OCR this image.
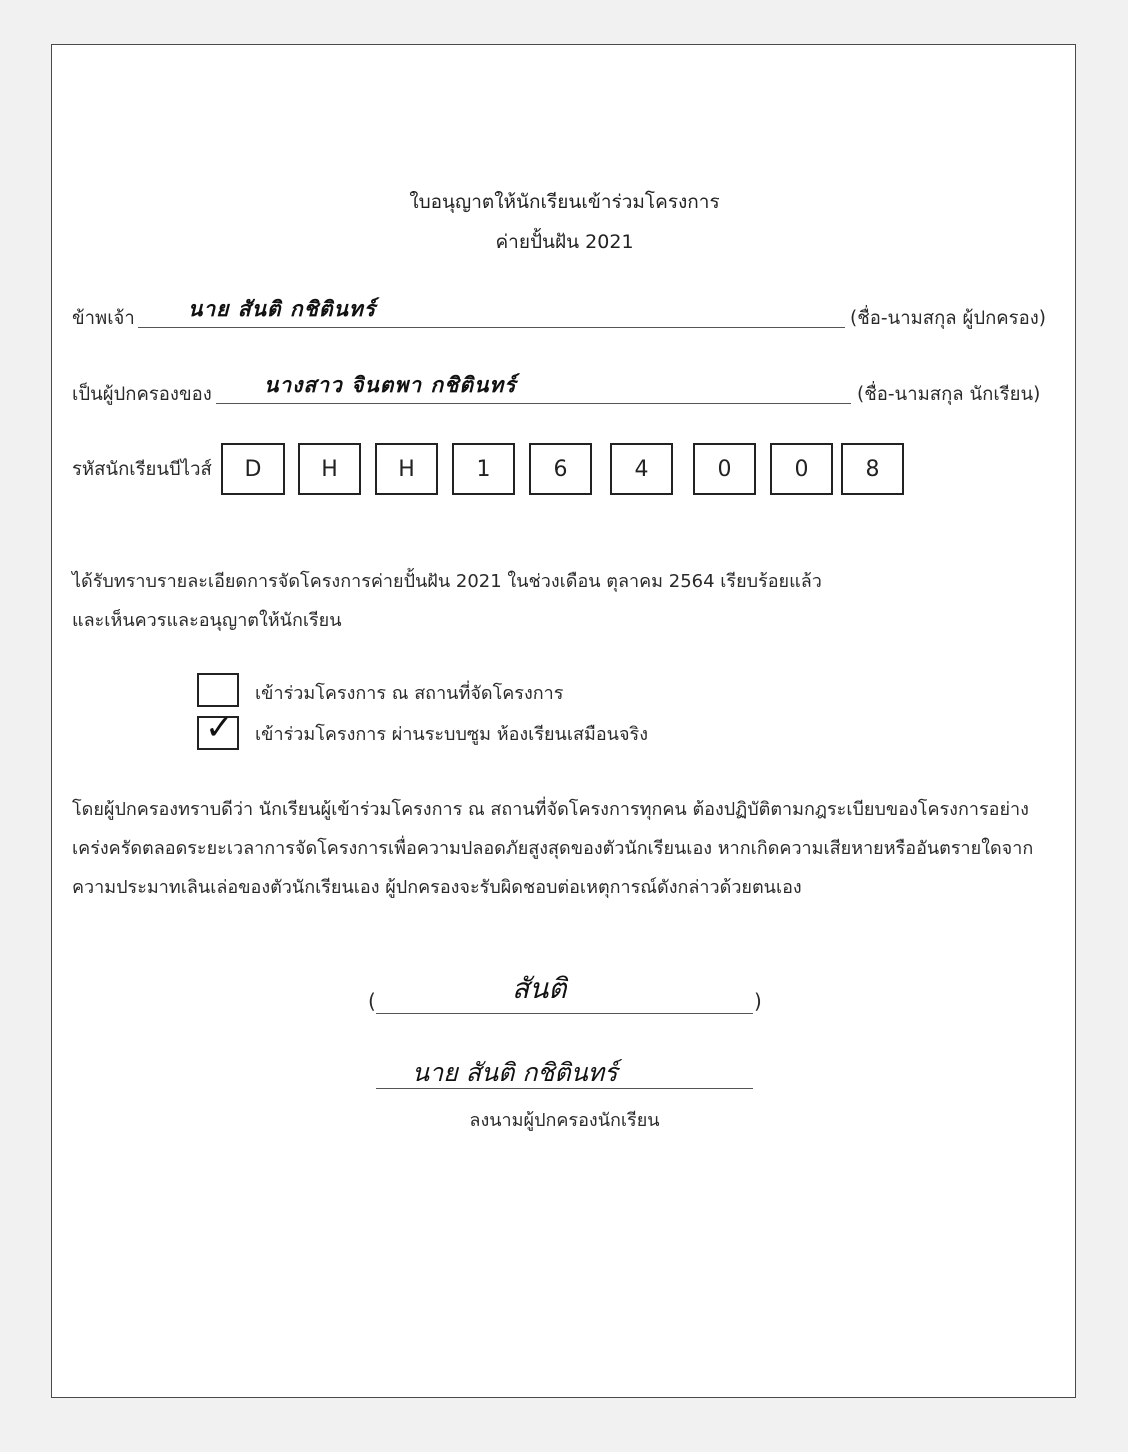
ใบอนุญาตให้นักเรียนเข้าร่วมโครงการ
ค่ายปั้นฝัน 2021
ข้าพเจ้า	นาย สันติ กชิตินทร์	(ชื่อ-นามสกุล ผู้ปกครอง)
เป็นผู้ปกครองของ นางสาว จินตพา กชิตินทร์	(ชื่อ-นามสกุล นักเรียน)
รหัสนักเรียนบีไวส์	D	H	H	1	6	4	0	0	8
ได้รับทราบรายละเอียดการจัดโครงการค่ายปั้นฝัน 2021 ในช่วงเดือน ตุลาคม 2564 เรียบร้อยแล้ว
และเห็นควรและอนุญาตให้นักเรียน
เข้าร่วมโครงการ ณ สถานที่จัดโครงการ
✓ เข้าร่วมโครงการ ผ่านระบบซูม ห้องเรียนเสมือนจริง
โดยผู้ปกครองทราบดีว่า นักเรียนผู้เข้าร่วมโครงการ ณ สถานที่จัดโครงการทุกคน ต้องปฏิบัติตามกฎระเบียบของโครงการอย่าง
เคร่งครัดตลอดระยะเวลาการจัดโครงการเพื่อความปลอดภัยสูงสุดของตัวนักเรียนเอง หากเกิดความเสียหายหรืออันตรายใดจาก
ความประมาทเลินเล่อของตัวนักเรียนเอง ผู้ปกครองจะรับผิดชอบต่อเหตุการณ์ดังกล่าวด้วยตนเอง
(	)
สันติ
นาย สันติ กชิตินทร์
ลงนามผู้ปกครองนักเรียน
